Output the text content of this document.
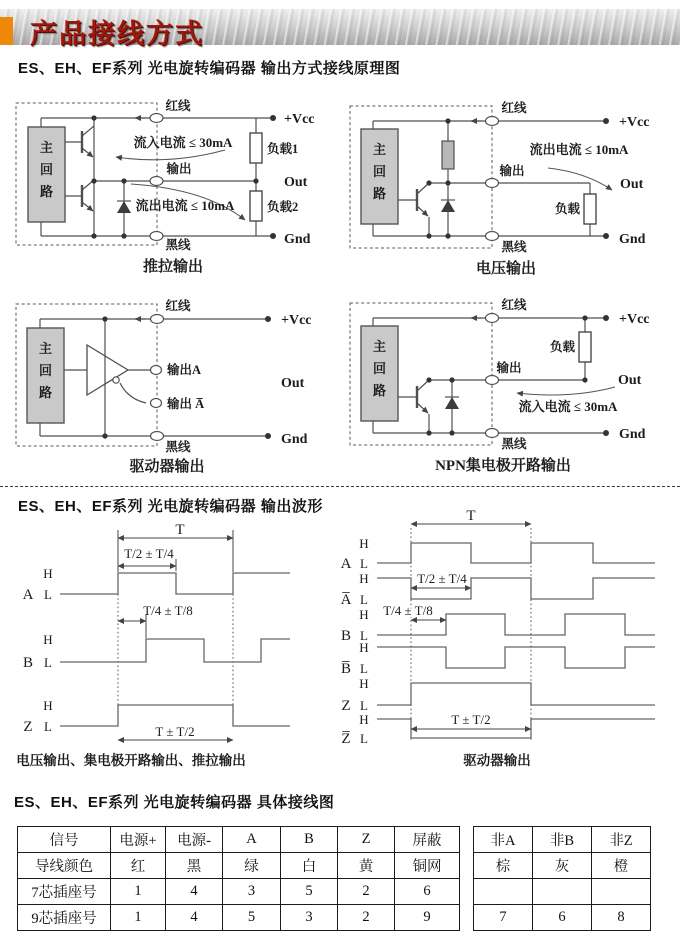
产品接线方式
ES、EH、EF系列 光电旋转编码器 输出方式接线原理图
ES、EH、EF系列 光电旋转编码器 输出波形
ES、EH、EF系列 光电旋转编码器 具体接线图
主
回
路
红线
流入电流 ≤ 30mA
输出
流出电流 ≤ 10mA
黑线
+Vcc
Out
Gnd
负载1
负载2
推拉输出
主
回
路
红线
流出电流 ≤ 10mA
输出
负载
黑线
+Vcc
Out
Gnd
电压输出
主
回
路
红线
输出A
输出 A̅
黑线
+Vcc
Out
Gnd
驱动器输出
主
回
路
红线
负载
输出
流入电流 ≤ 30mA
黑线
+Vcc
Out
Gnd
NPN集电极开路输出
T
T/2 ± T/4
A
H
L
T/4 ± T/8
B
H
L
Z
H
L	T ± T/2
电压输出、集电极开路输出、推拉输出
T
A
H
L
A̅
H
L
T/2 ± T/4
B
H
L
T/4 ± T/8
B̅
H
L
Z
H
L
Z̅
H
L
T ± T/2
驱动器输出
信号	电源+	电源-	A	B	Z	屏蔽
导线颜色	红	黑	绿	白	黄	铜网
7芯插座号	1	4	3	5	2	6
9芯插座号	1	4	5	3	2	9
非A	非B	非Z
棕	灰	橙

7	6	8
